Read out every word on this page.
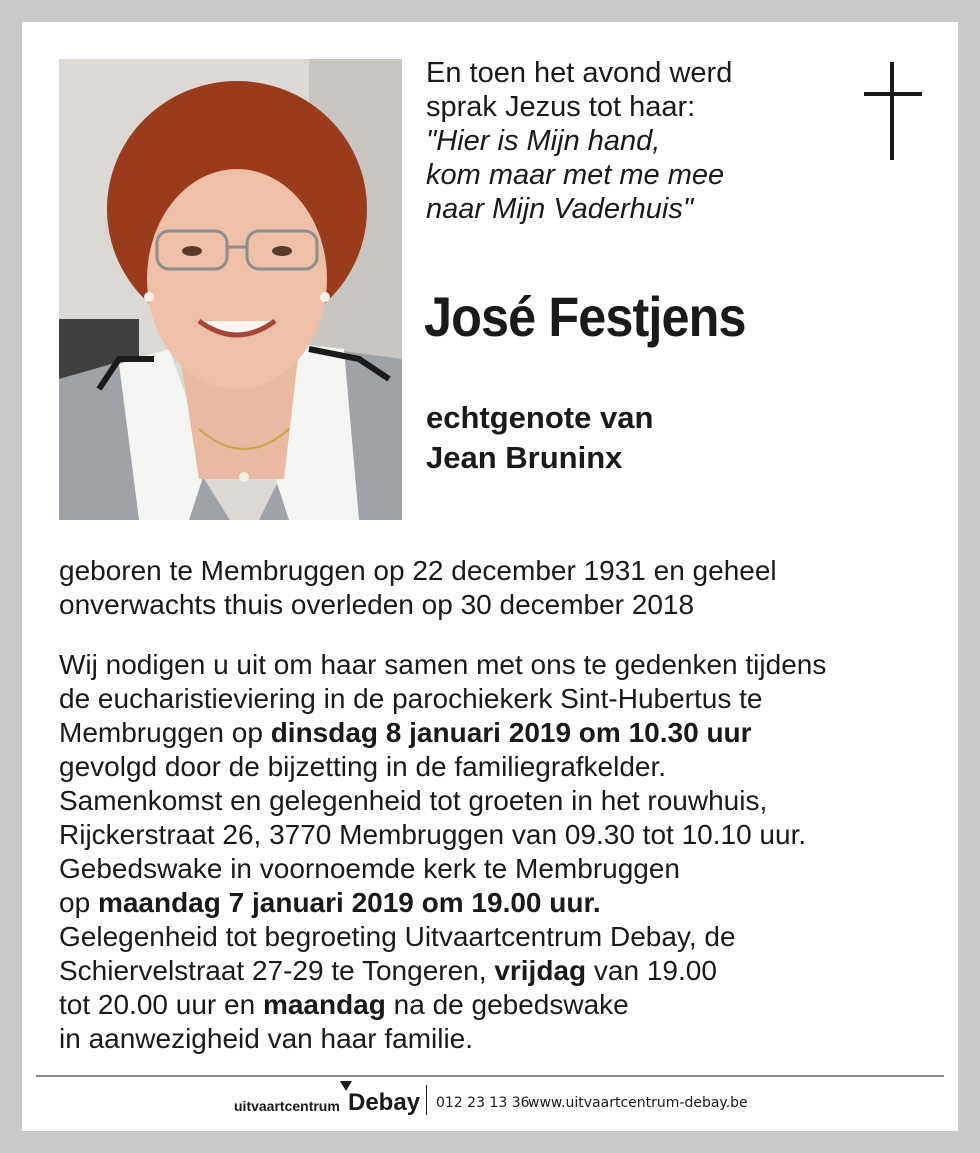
En toen het avond werd
sprak Jezus tot haar:
"Hier is Mijn hand,
kom maar met me mee
naar Mijn Vaderhuis"
José Festjens
echtgenote van
Jean Bruninx
geboren te Membruggen op 22 december 1931 en geheel
onverwachts thuis overleden op 30 december 2018
Wij nodigen u uit om haar samen met ons te gedenken tijdens
de eucharistieviering in de parochiekerk Sint-Hubertus te
Membruggen op dinsdag 8 januari 2019 om 10.30 uur
gevolgd door de bijzetting in de familiegrafkelder.
Samenkomst en gelegenheid tot groeten in het rouwhuis,
Rijckerstraat 26, 3770 Membruggen van 09.30 tot 10.10 uur.
Gebedswake in voornoemde kerk te Membruggen
op maandag 7 januari 2019 om 19.00 uur.
Gelegenheid tot begroeting Uitvaartcentrum Debay, de
Schiervelstraat 27-29 te Tongeren, vrijdag van 19.00
tot 20.00 uur en maandag na de gebedswake
in aanwezigheid van haar familie.
uitvaartcentrum Debay 012 23 13 36
www.uitvaartcentrum-debay.be
